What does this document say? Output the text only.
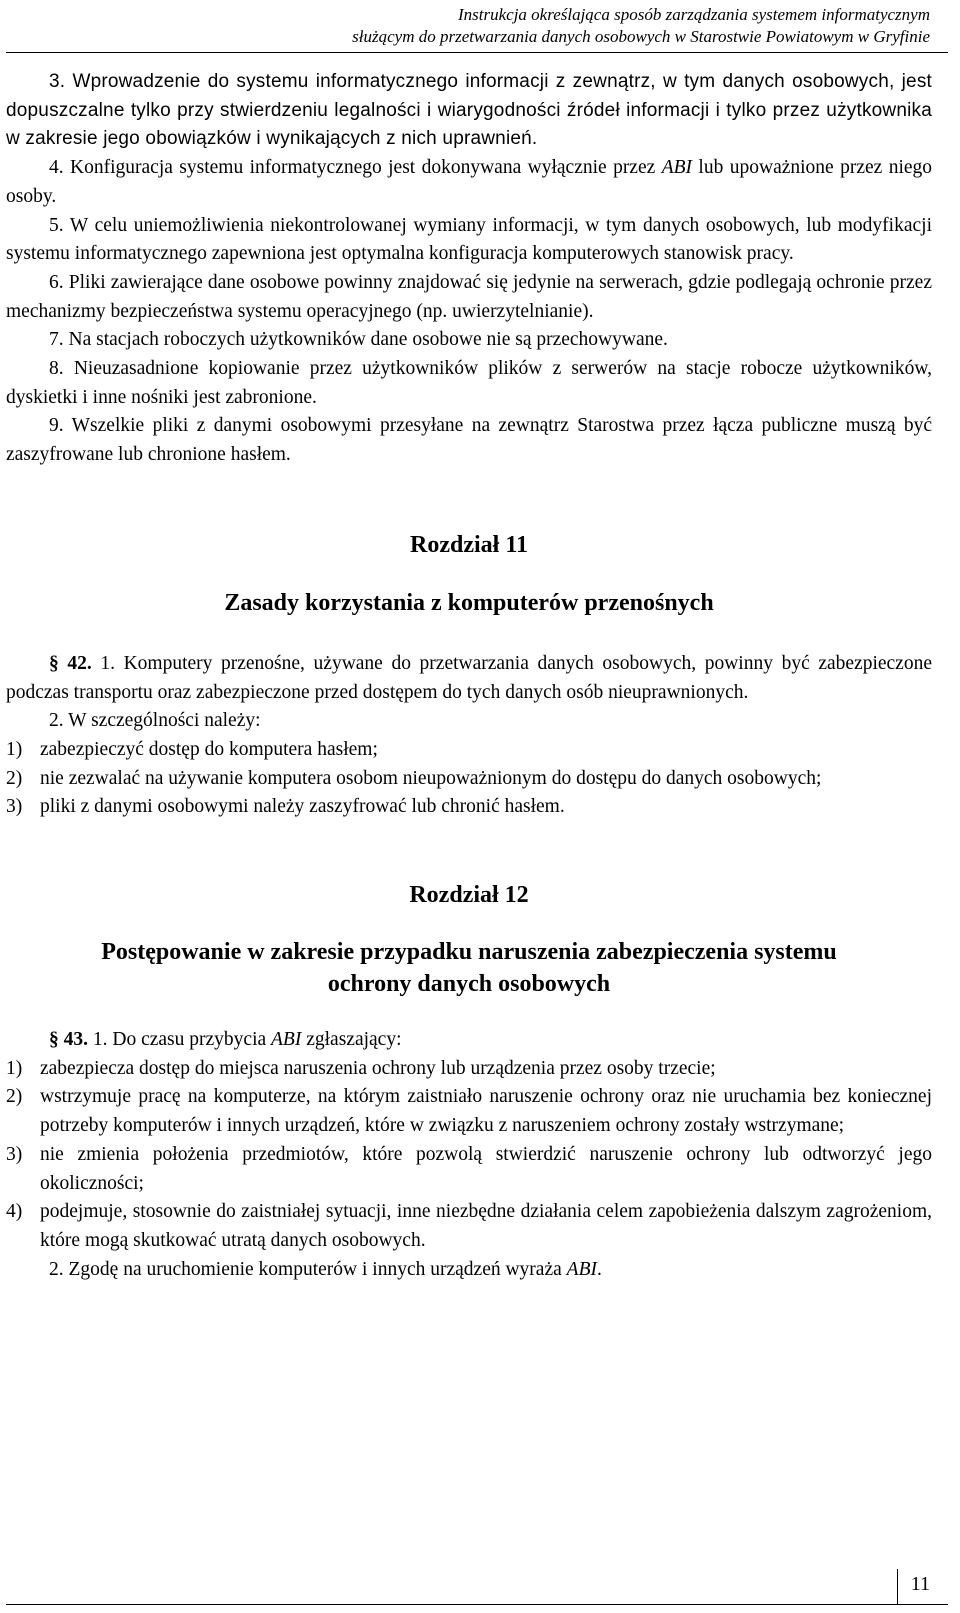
Instrukcja określająca sposób zarządzania systemem informatycznym
służącym do przetwarzania danych osobowych w Starostwie Powiatowym w Gryfinie

3. Wprowadzenie do systemu informatycznego informacji z zewnątrz, w tym danych osobowych, jest dopuszczalne tylko przy stwierdzeniu legalności i wiarygodności źródeł informacji i tylko przez użytkownika w zakresie jego obowiązków i wynikających z nich uprawnień.

4. Konfiguracja systemu informatycznego jest dokonywana wyłącznie przez ABI lub upoważnione przez niego osoby.

5. W celu uniemożliwienia niekontrolowanej wymiany informacji, w tym danych osobowych, lub modyfikacji systemu informatycznego zapewniona jest optymalna konfiguracja komputerowych stanowisk pracy.

6. Pliki zawierające dane osobowe powinny znajdować się jedynie na serwerach, gdzie podlegają ochronie przez mechanizmy bezpieczeństwa systemu operacyjnego (np. uwierzytelnianie).

7. Na stacjach roboczych użytkowników dane osobowe nie są przechowywane.

8. Nieuzasadnione kopiowanie przez użytkowników plików z serwerów na stacje robocze użytkowników, dyskietki i inne nośniki jest zabronione.

9. Wszelkie pliki z danymi osobowymi przesyłane na zewnątrz Starostwa przez łącza publiczne muszą być zaszyfrowane lub chronione hasłem.

Rozdział 11
Zasady korzystania z komputerów przenośnych

§ 42. 1. Komputery przenośne, używane do przetwarzania danych osobowych, powinny być zabezpieczone podczas transportu oraz zabezpieczone przed dostępem do tych danych osób nieuprawnionych.

2. W szczególności należy:

1) zabezpieczyć dostęp do komputera hasłem;
2) nie zezwalać na używanie komputera osobom nieupoważnionym do dostępu do danych osobowych;
3) pliki z danymi osobowymi należy zaszyfrować lub chronić hasłem.
Rozdział 12
Postępowanie w zakresie przypadku naruszenia zabezpieczenia systemu
ochrony danych osobowych

§ 43. 1. Do czasu przybycia ABI zgłaszający:

1) zabezpiecza dostęp do miejsca naruszenia ochrony lub urządzenia przez osoby trzecie;
2) wstrzymuje pracę na komputerze, na którym zaistniało naruszenie ochrony oraz nie uruchamia bez koniecznej potrzeby komputerów i innych urządzeń, które w związku z naruszeniem ochrony zostały wstrzymane;
3) nie zmienia położenia przedmiotów, które pozwolą stwierdzić naruszenie ochrony lub odtworzyć jego okoliczności;
4) podejmuje, stosownie do zaistniałej sytuacji, inne niezbędne działania celem zapobieżenia dalszym zagrożeniom, które mogą skutkować utratą danych osobowych.

2. Zgodę na uruchomienie komputerów i innych urządzeń wyraża ABI.

11
